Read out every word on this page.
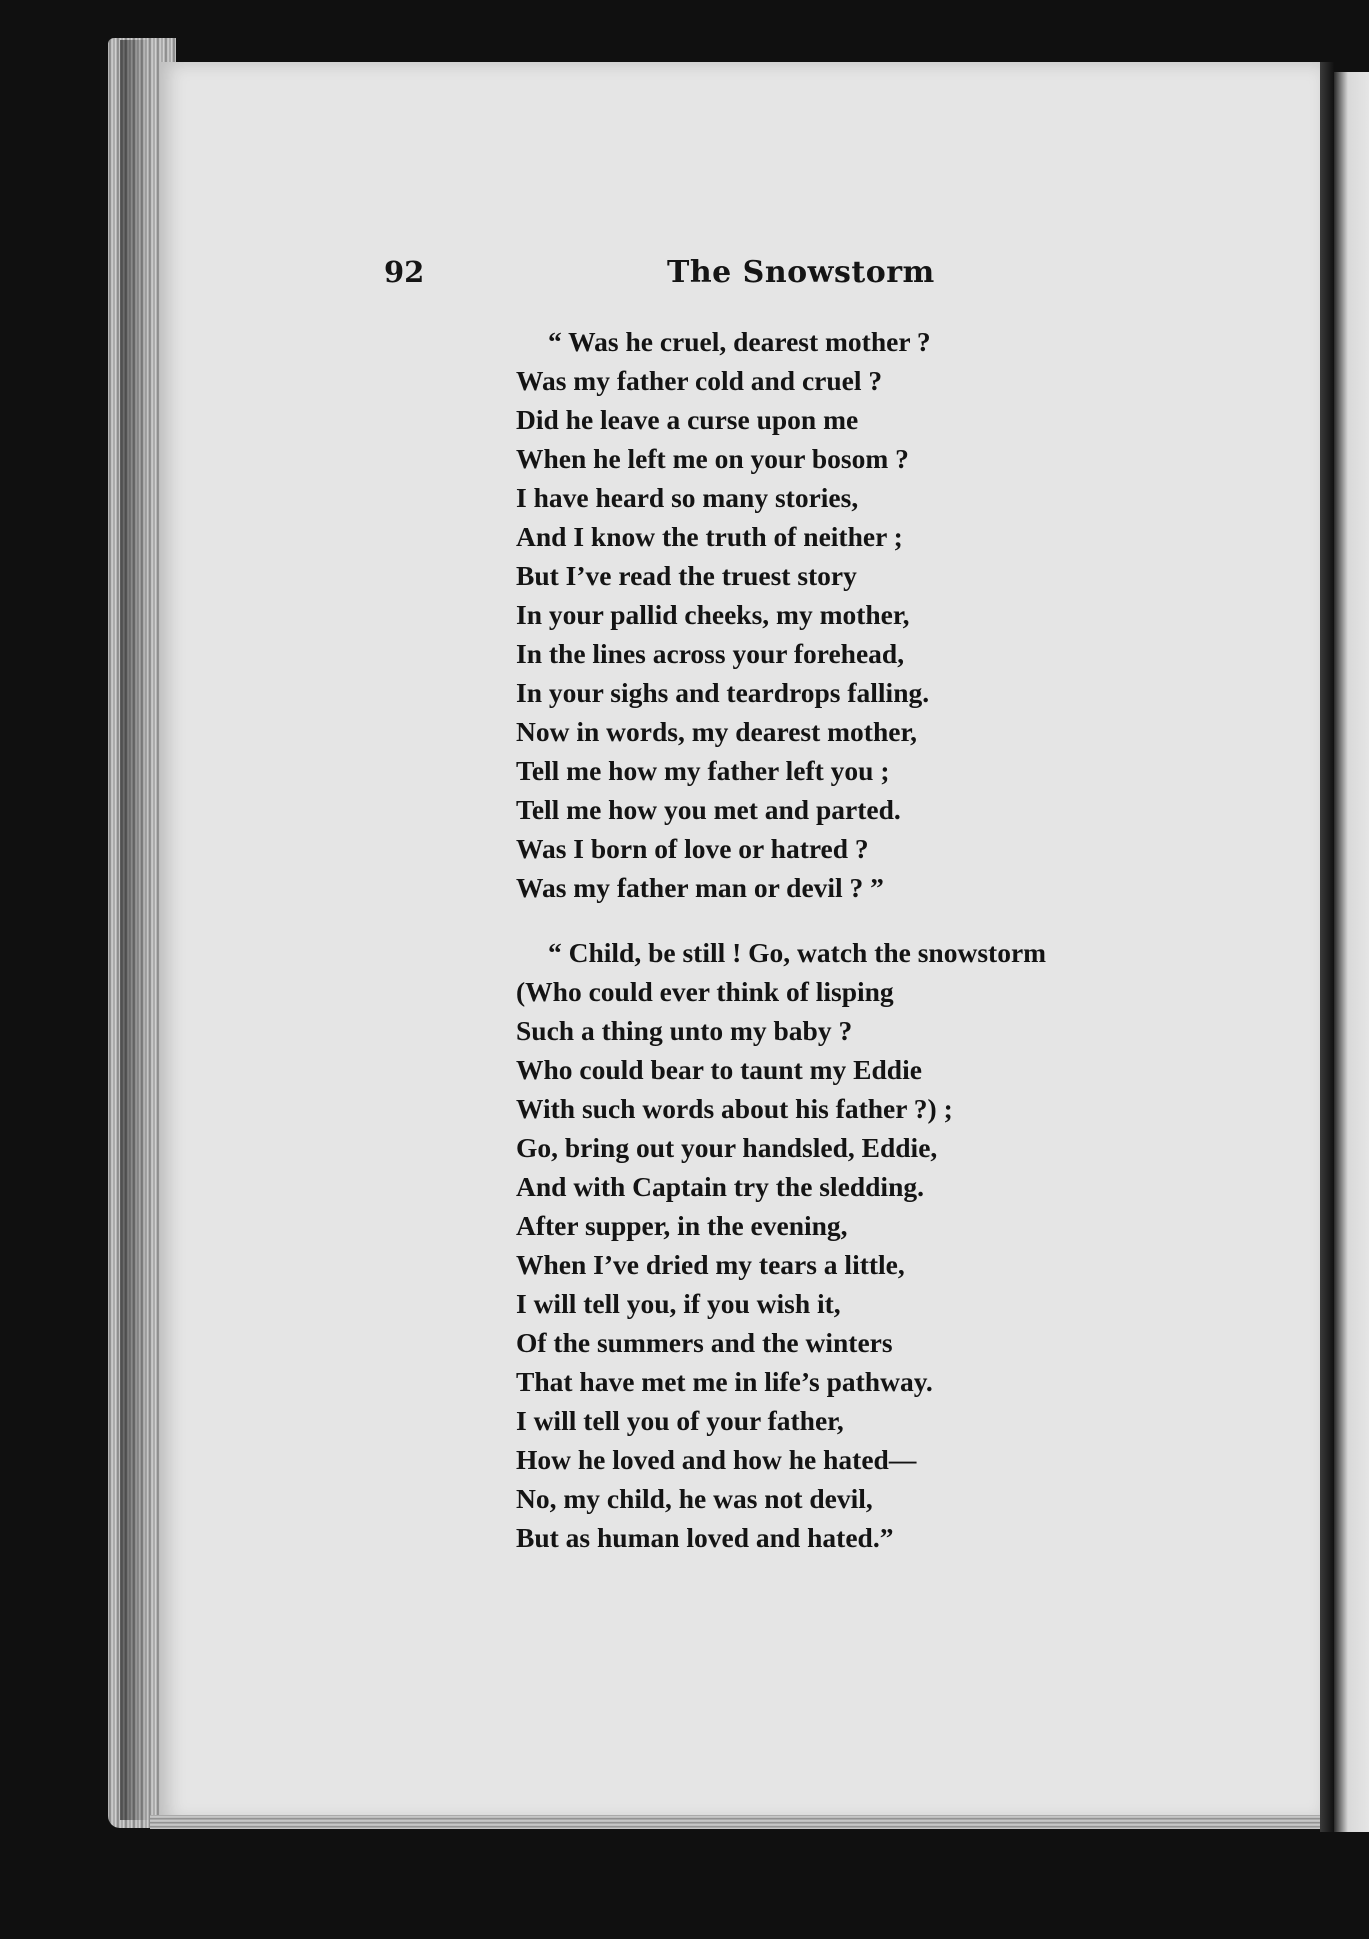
92	The Snowstorm
“ Was he cruel, dearest mother ?
Was my father cold and cruel ?
Did he leave a curse upon me
When he left me on your bosom ?
I have heard so many stories,
And I know the truth of neither ;
But I’ve read the truest story
In your pallid cheeks, my mother,
In the lines across your forehead,
In your sighs and teardrops falling.
Now in words, my dearest mother,
Tell me how my father left you ;
Tell me how you met and parted.
Was I born of love or hatred ?
Was my father man or devil ? ”
“ Child, be still ! Go, watch the snowstorm
(Who could ever think of lisping
Such a thing unto my baby ?
Who could bear to taunt my Eddie
With such words about his father ?) ;
Go, bring out your handsled, Eddie,
And with Captain try the sledding.
After supper, in the evening,
When I’ve dried my tears a little,
I will tell you, if you wish it,
Of the summers and the winters
That have met me in life’s pathway.
I will tell you of your father,
How he loved and how he hated—
No, my child, he was not devil,
But as human loved and hated.”
